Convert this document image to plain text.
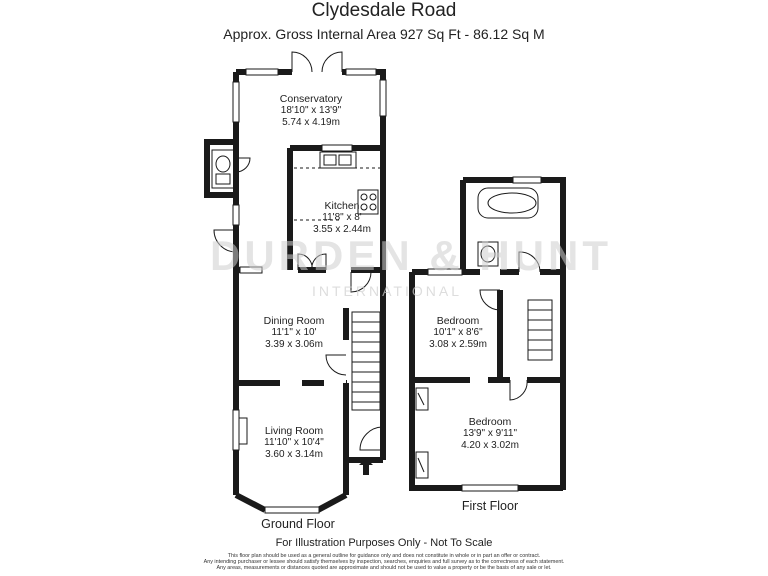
Clydesdale Road
Approx. Gross Internal Area 927 Sq Ft - 86.12 Sq M
DURDEN & HUNT
INTERNATIONAL
Conservatory
18'10" x 13'9"
5.74 x 4.19m
Kitchen
11'8" x 8'
3.55 x 2.44m
Dining Room
11'1" x 10'
3.39 x 3.06m
Living Room
11'10" x 10'4"
3.60 x 3.14m
Bedroom
10'1" x 8'6"
3.08 x 2.59m
Bedroom
13'9" x 9'11"
4.20 x 3.02m
Ground Floor
First Floor
For Illustration Purposes Only - Not To Scale
This floor plan should be used as a general outline for guidance only and does not constitute in whole or in part an offer or contract.
Any intending purchaser or lessee should satisfy themselves by inspection, searches, enquiries and full survey as to the correctness of each statement.
Any areas, measurements or distances quoted are approximate and should not be used to value a property or be the basis of any sale or let.
